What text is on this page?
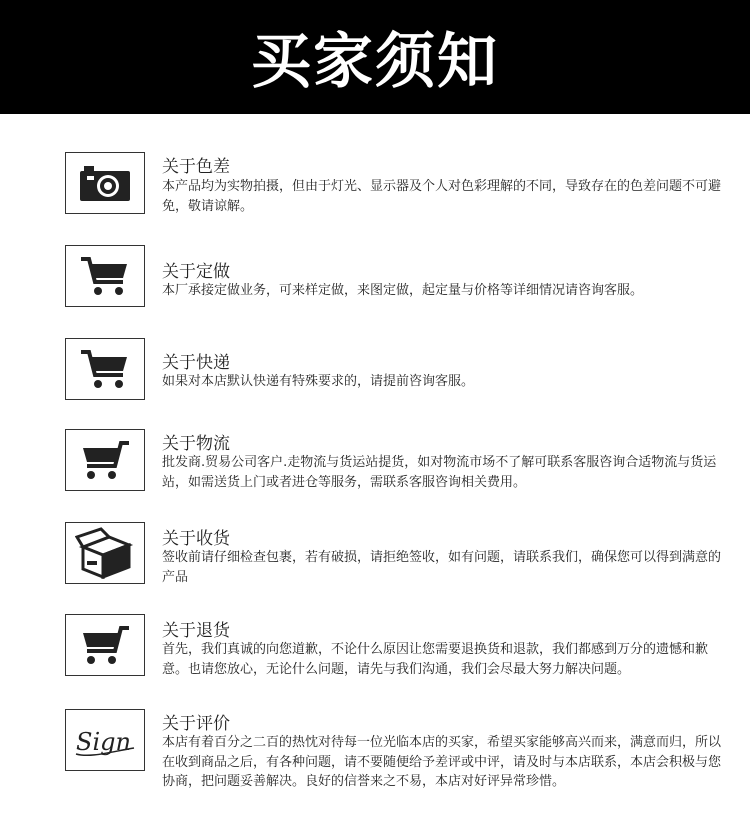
买家须知
关于色差
本产品均为实物拍摄，但由于灯光、显示器及个人对色彩理解的不同，导致存在的色差问题不可避免，敬请谅解。
关于定做
本厂承接定做业务，可来样定做，来图定做，起定量与价格等详细情况请咨询客服。
关于快递
如果对本店默认快递有特殊要求的，请提前咨询客服。
关于物流
批发商.贸易公司客户.走物流与货运站提货，如对物流市场不了解可联系客服咨询合适物流与货运站，如需送货上门或者进仓等服务，需联系客服咨询相关费用。
关于收货
签收前请仔细检查包裹，若有破损，请拒绝签收，如有问题，请联系我们，确保您可以得到满意的产品
关于退货
首先，我们真诚的向您道歉，不论什么原因让您需要退换货和退款，我们都感到万分的遗憾和歉意。也请您放心，无论什么问题，请先与我们沟通，我们会尽最大努力解决问题。
Sign
关于评价
本店有着百分之二百的热忱对待每一位光临本店的买家，希望买家能够高兴而来，满意而归，所以在收到商品之后，有各种问题，请不要随便给予差评或中评，请及时与本店联系，本店会积极与您协商，把问题妥善解决。良好的信誉来之不易，本店对好评异常珍惜。
